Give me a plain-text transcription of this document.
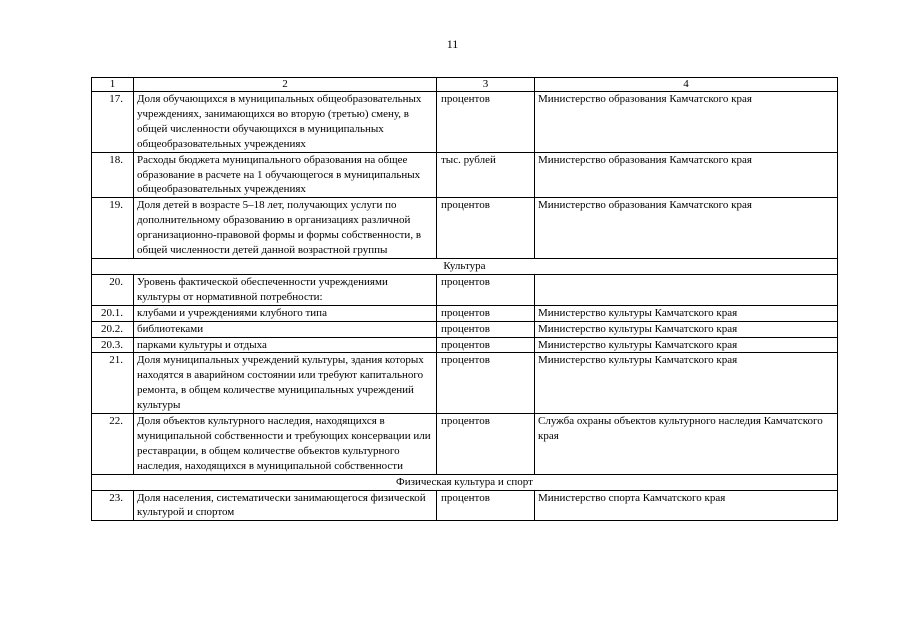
11
1	2	3	4
17.	Доля обучающихся в муниципальных общеобразовательных учреждениях, занимающихся во вторую (третью) смену, в общей численности обучающихся в муниципальных общеобразовательных учреждениях	процентов	Министерство образования Камчатского края
18.	Расходы бюджета муниципального образования на общее образование в расчете на 1 обучающегося в муниципальных общеобразовательных учреждениях	тыс. рублей	Министерство образования Камчатского края
19.	Доля детей в возрасте 5–18 лет, получающих услуги по дополнительному образованию в организациях различной организационно-правовой формы и формы собственности, в общей численности детей данной возрастной группы	процентов	Министерство образования Камчатского края
Культура			
20.	Уровень фактической обеспеченности учреждениями культуры от нормативной потребности:	процентов	
20.1.	клубами и учреждениями клубного типа	процентов	Министерство культуры Камчатского края
20.2.	библиотеками	процентов	Министерство культуры Камчатского края
20.3.	парками культуры и отдыха	процентов	Министерство культуры Камчатского края
21.	Доля муниципальных учреждений культуры, здания которых находятся в аварийном состоянии или требуют капитального ремонта, в общем количестве муниципальных учреждений культуры	процентов	Министерство культуры Камчатского края
22.	Доля объектов культурного наследия, находящихся в муниципальной собственности и требующих консервации или реставрации, в общем количестве объектов культурного наследия, находящихся в муниципальной собственности	процентов	Служба охраны объектов культурного наследия Камчатского края
Физическая культура и спорт			
23.	Доля населения, систематически занимающегося физической культурой и спортом	процентов	Министерство спорта Камчатского края
